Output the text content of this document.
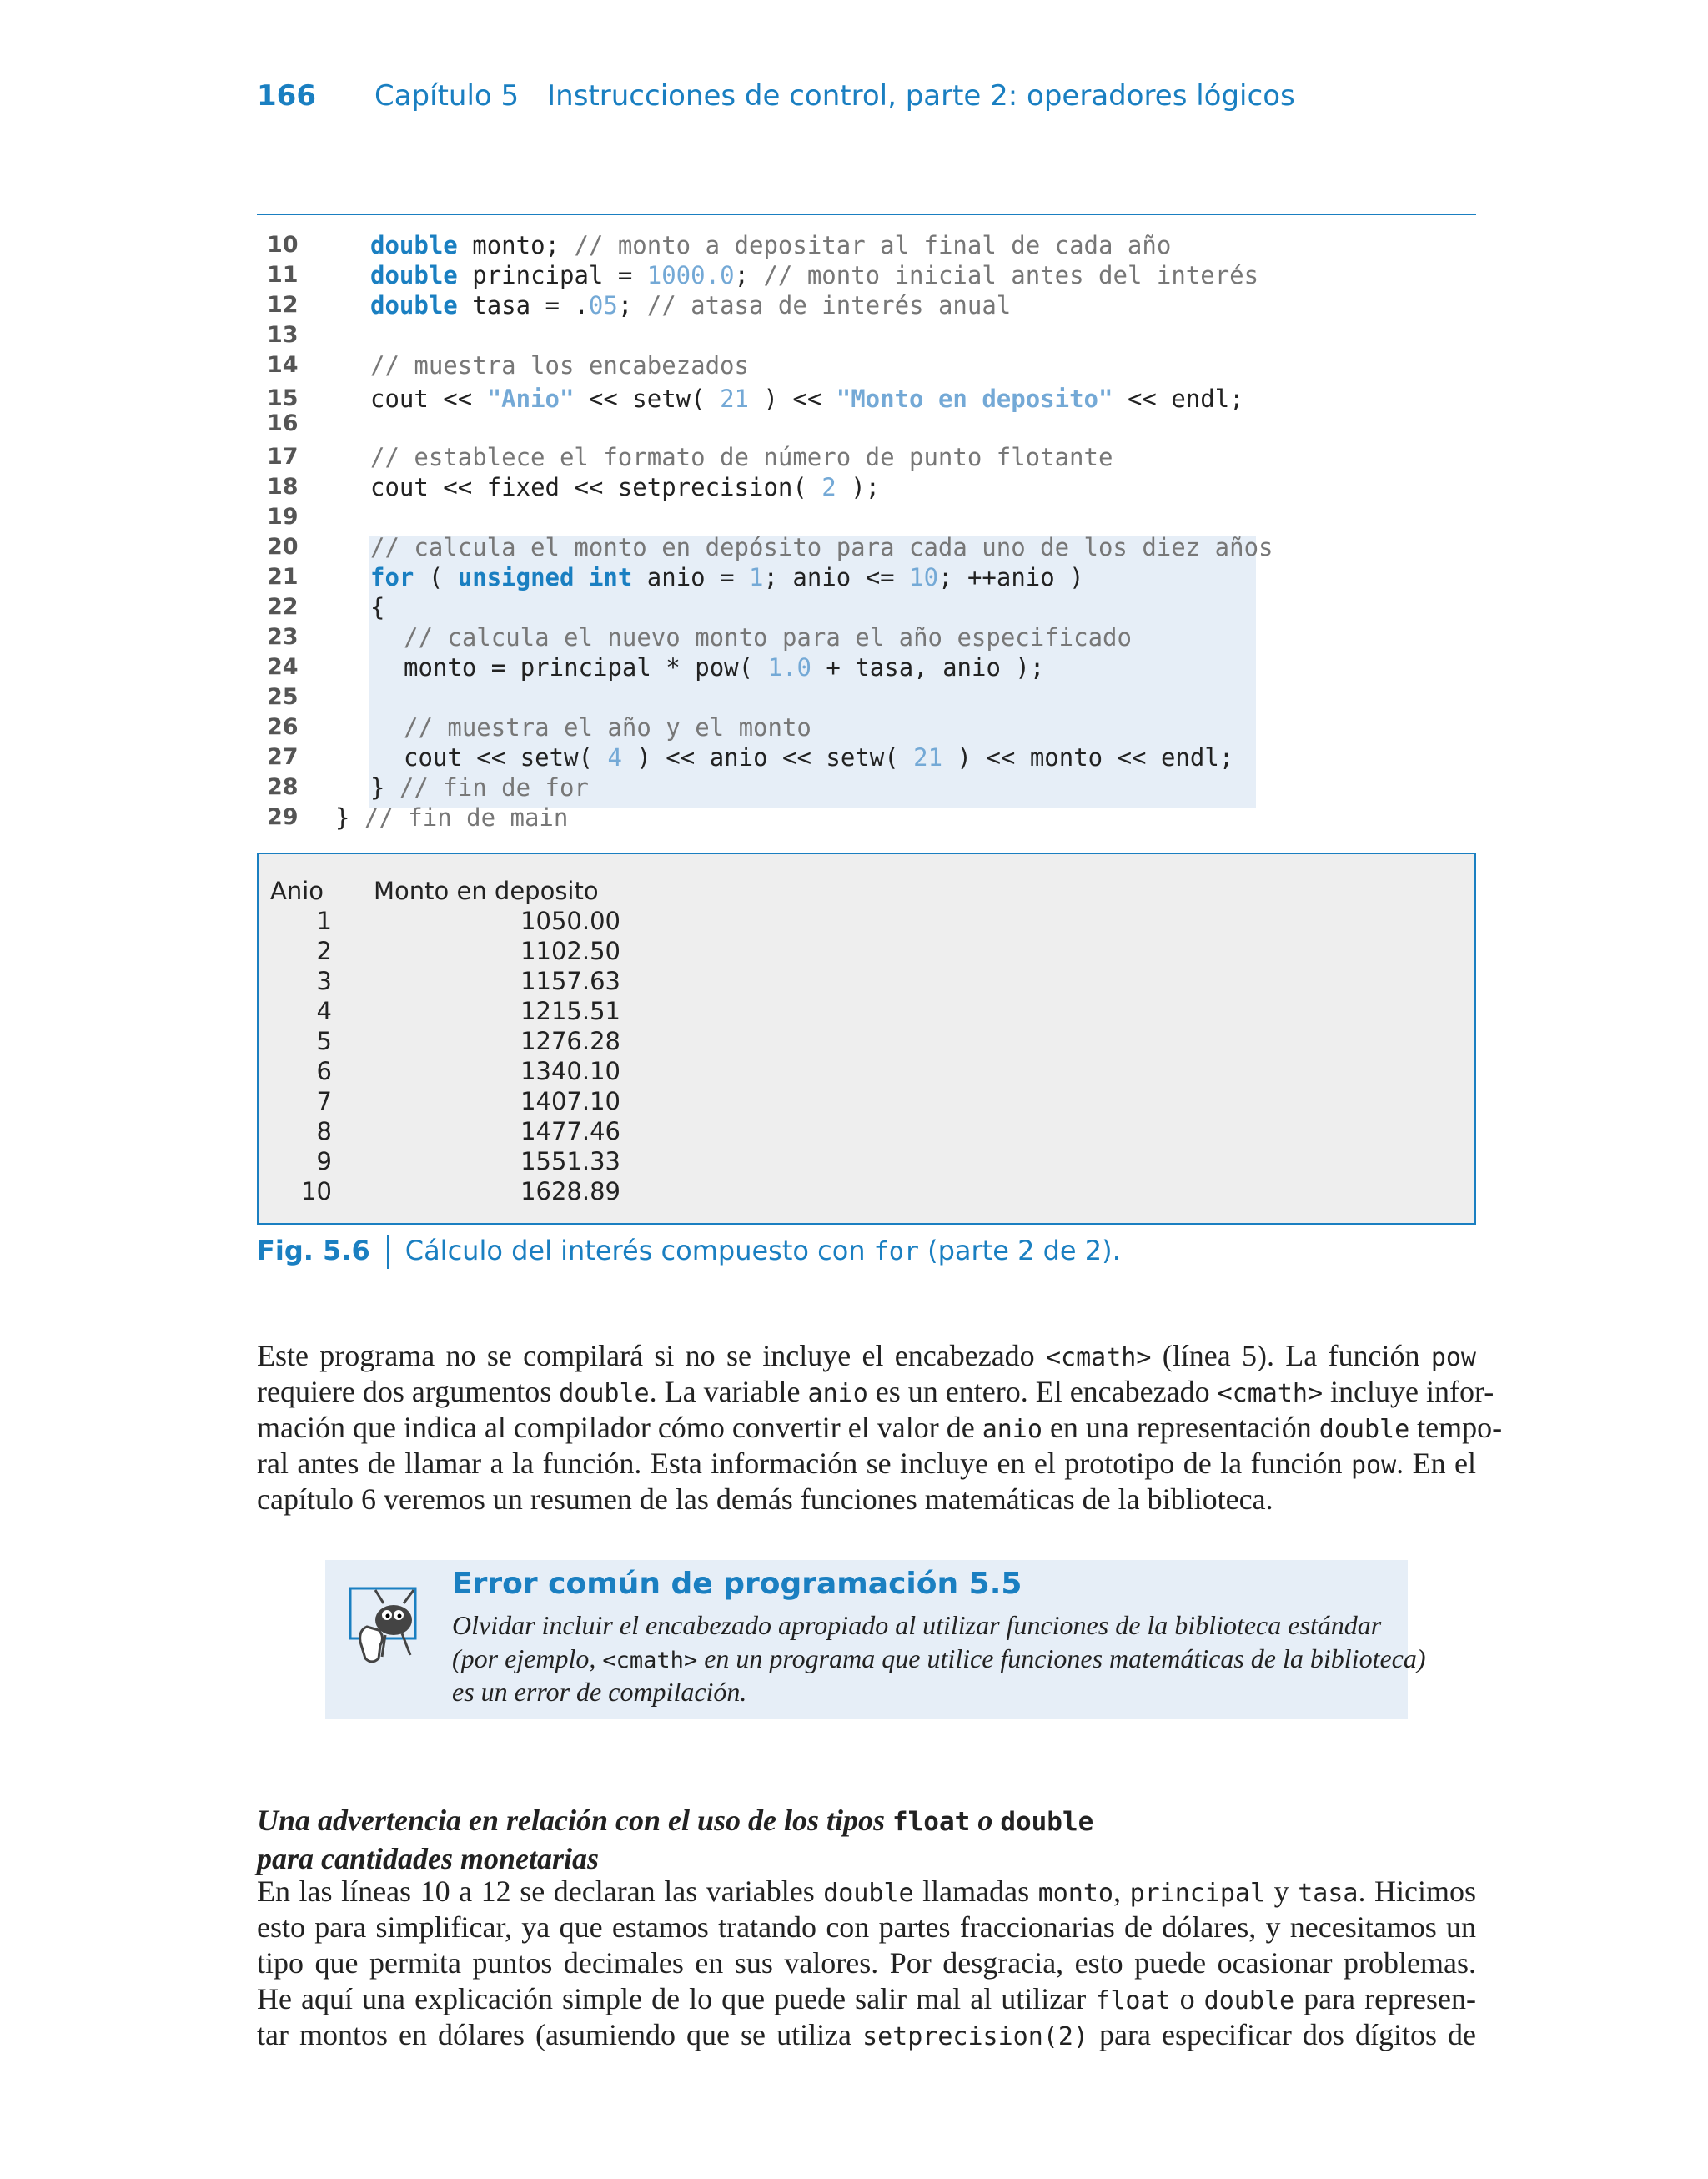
166 Capítulo 5 Instrucciones de control, parte 2: operadores lógicos
10	double monto; // monto a depositar al final de cada año
11	double principal = 1000.0; // monto inicial antes del interés
12	double tasa = .05; // atasa de interés anual
13
14	// muestra los encabezados
15	cout << "Anio" << setw( 21 ) << "Monto en deposito" << endl;
16
17	// establece el formato de número de punto flotante
18	cout << fixed << setprecision( 2 );
19
20	// calcula el monto en depósito para cada uno de los diez años
21	for ( unsigned int anio = 1; anio <= 10; ++anio )
22	{
23	// calcula el nuevo monto para el año especificado
24	monto = principal * pow( 1.0 + tasa, anio );
25
26	// muestra el año y el monto
27	cout << setw( 4 ) << anio << setw( 21 ) << monto << endl;
28	} // fin de for
29	} // fin de main
Anio Monto en deposito
1	1050.00
2	1102.50
3	1157.63
4	1215.51
5	1276.28
6	1340.10
7	1407.10
8	1477.46
9	1551.33
10	1628.89
Fig. 5.6 Cálculo del interés compuesto con for (parte 2 de 2).
Este programa no se compilará si no se incluye el encabezado <cmath> (línea 5). La función pow
requiere dos argumentos double. La variable anio es un entero. El encabezado <cmath> incluye infor-
mación que indica al compilador cómo convertir el valor de anio en una representación double tempo-
ral antes de llamar a la función. Esta información se incluye en el prototipo de la función pow. En el
capítulo 6 veremos un resumen de las demás funciones matemáticas de la biblioteca.
Error común de programación 5.5
Olvidar incluir el encabezado apropiado al utilizar funciones de la biblioteca estándar
(por ejemplo, <cmath> en un programa que utilice funciones matemáticas de la biblioteca)
es un error de compilación.
Una advertencia en relación con el uso de los tipos float o double
para cantidades monetarias
En las líneas 10 a 12 se declaran las variables double llamadas monto, principal y tasa. Hicimos
esto para simplificar, ya que estamos tratando con partes fraccionarias de dólares, y necesitamos un
tipo que permita puntos decimales en sus valores. Por desgracia, esto puede ocasionar problemas.
He aquí una explicación simple de lo que puede salir mal al utilizar float o double para represen-
tar montos en dólares (asumiendo que se utiliza setprecision(2) para especificar dos dígitos de
